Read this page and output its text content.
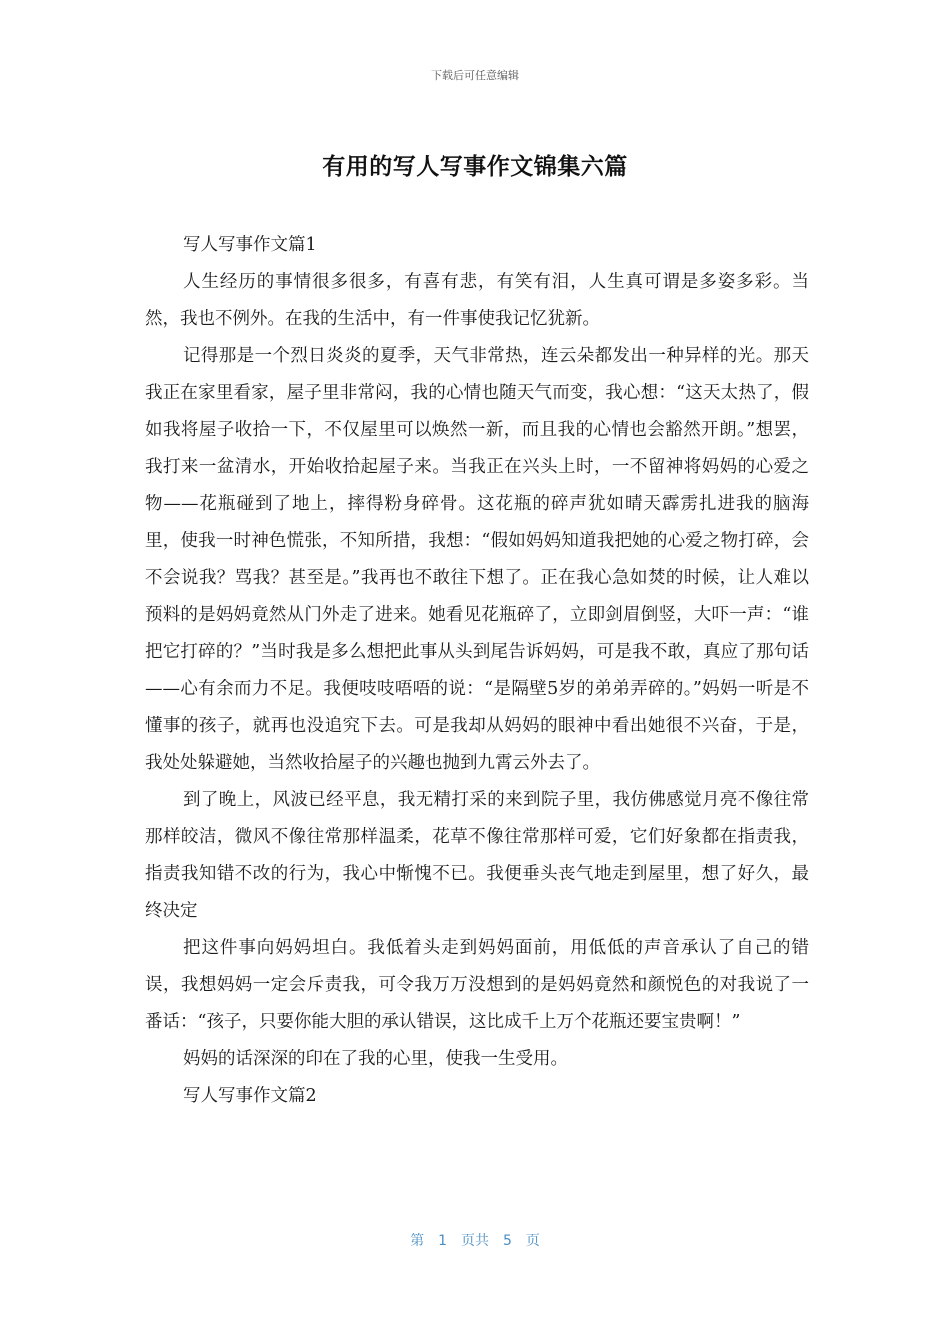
下载后可任意编辑
有用的写人写事作文锦集六篇

写人写事作文篇1

人生经历的事情很多很多，有喜有悲，有笑有泪，人生真可谓是多姿多彩。当然，我也不例外。在我的生活中，有一件事使我记忆犹新。

记得那是一个烈日炎炎的夏季，天气非常热，连云朵都发出一种异样的光。那天我正在家里看家，屋子里非常闷，我的心情也随天气而变，我心想：“这天太热了，假如我将屋子收拾一下，不仅屋里可以焕然一新，而且我的心情也会豁然开朗。”想罢，我打来一盆清水，开始收拾起屋子来。当我正在兴头上时，一不留神将妈妈的心爱之物——花瓶碰到了地上，摔得粉身碎骨。这花瓶的碎声犹如晴天霹雳扎进我的脑海里，使我一时神色慌张，不知所措，我想：“假如妈妈知道我把她的心爱之物打碎，会不会说我？骂我？甚至是。”我再也不敢往下想了。正在我心急如焚的时候，让人难以预料的是妈妈竟然从门外走了进来。她看见花瓶碎了，立即剑眉倒竖，大吓一声：“谁把它打碎的？”当时我是多么想把此事从头到尾告诉妈妈，可是我不敢，真应了那句话——心有余而力不足。我便吱吱唔唔的说：“是隔壁5岁的弟弟弄碎的。”妈妈一听是不懂事的孩子，就再也没追究下去。可是我却从妈妈的眼神中看出她很不兴奋，于是，我处处躲避她，当然收拾屋子的兴趣也抛到九霄云外去了。

到了晚上，风波已经平息，我无精打采的来到院子里，我仿佛感觉月亮不像往常那样皎洁，微风不像往常那样温柔，花草不像往常那样可爱，它们好象都在指责我，指责我知错不改的行为，我心中惭愧不已。我便垂头丧气地走到屋里，想了好久，最终决定

把这件事向妈妈坦白。我低着头走到妈妈面前，用低低的声音承认了自己的错误，我想妈妈一定会斥责我，可令我万万没想到的是妈妈竟然和颜悦色的对我说了一番话：“孩子，只要你能大胆的承认错误，这比成千上万个花瓶还要宝贵啊！”

妈妈的话深深的印在了我的心里，使我一生受用。

写人写事作文篇2

第 1 页共 5 页
